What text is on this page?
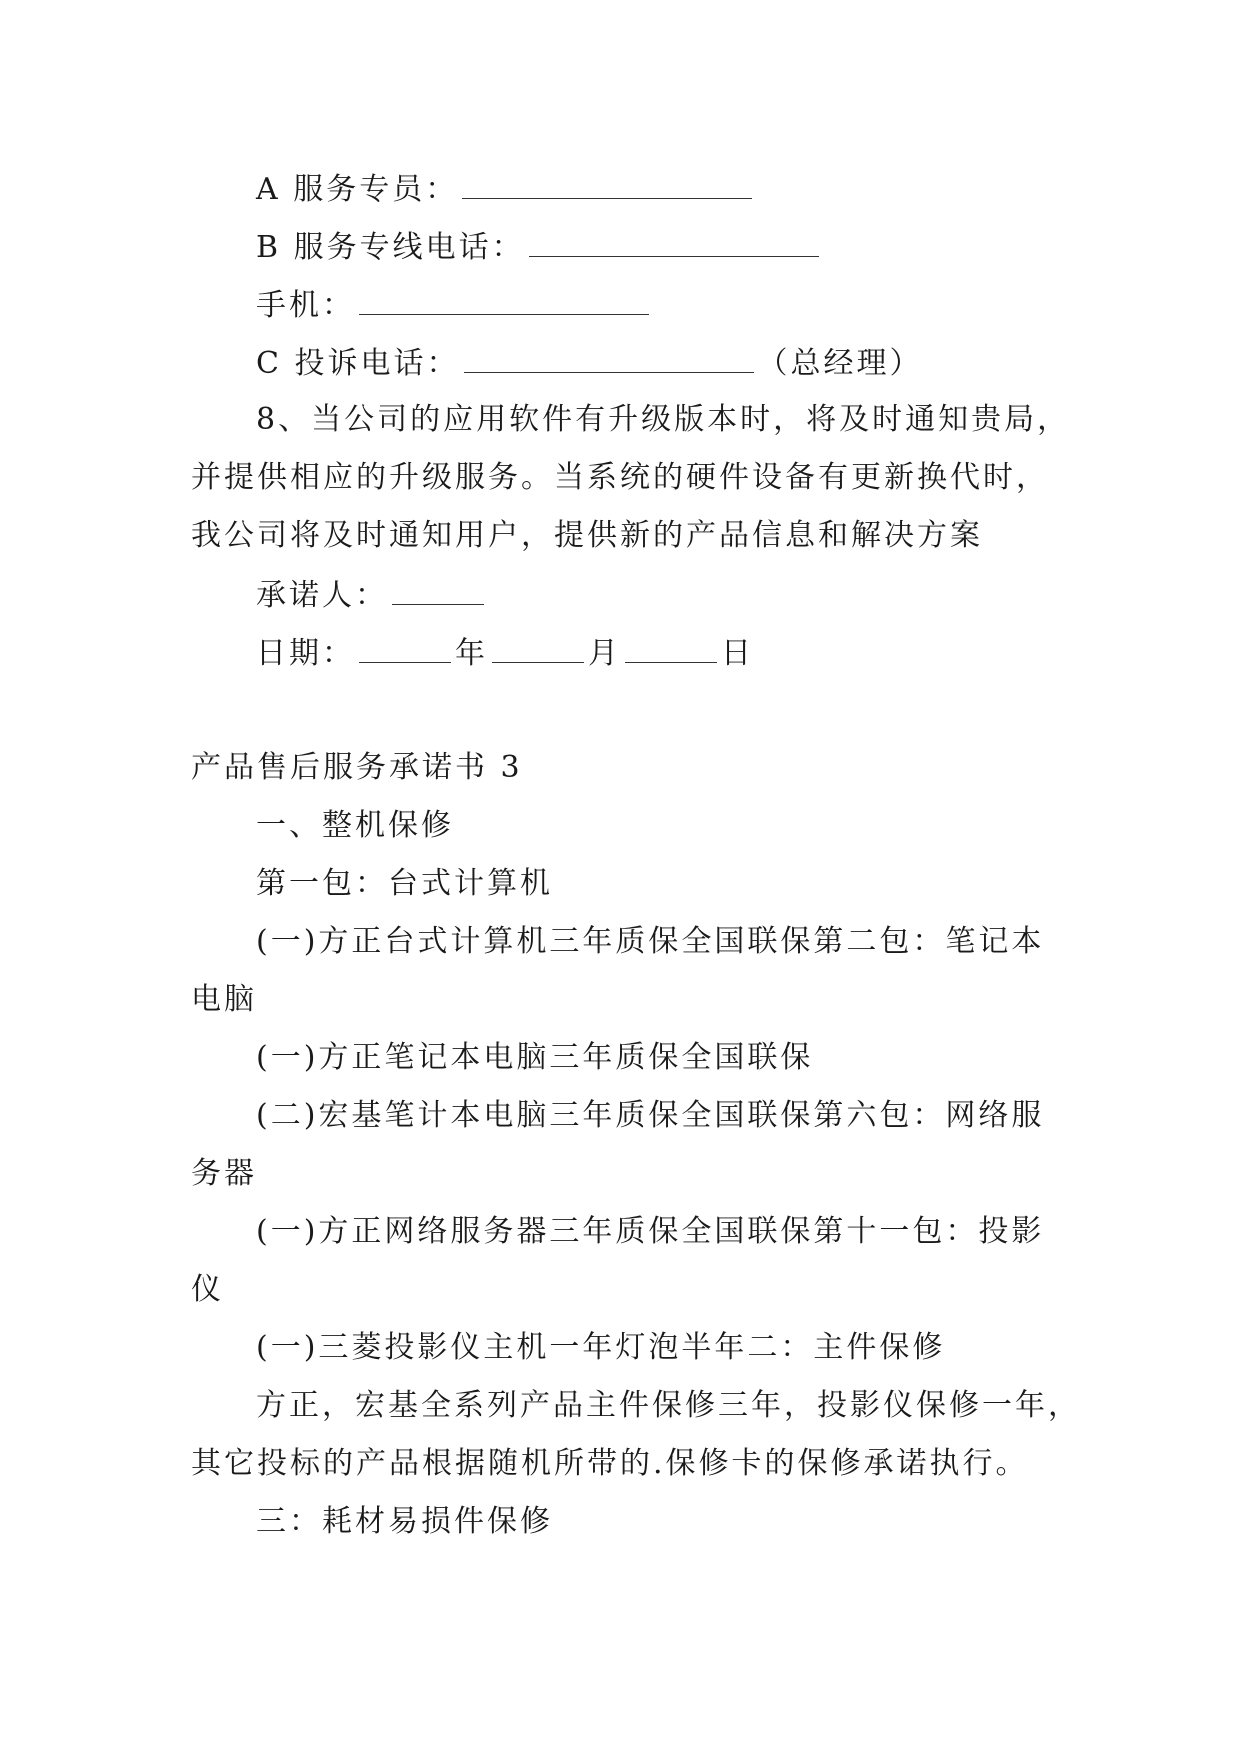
A 服务专员：
B 服务专线电话：
手机：
C 投诉电话：	（总经理）
8、当公司的应用软件有升级版本时，将及时通知贵局，
并提供相应的升级服务。当系统的硬件设备有更新换代时，
我公司将及时通知用户，提供新的产品信息和解决方案
承诺人：
日期：	年	月	日
产品售后服务承诺书 3
一、整机保修
第一包：台式计算机
(一)方正台式计算机三年质保全国联保第二包：笔记本
电脑
(一)方正笔记本电脑三年质保全国联保
(二)宏基笔计本电脑三年质保全国联保第六包：网络服
务器
(一)方正网络服务器三年质保全国联保第十一包：投影
仪
(一)三菱投影仪主机一年灯泡半年二：主件保修
方正，宏基全系列产品主件保修三年，投影仪保修一年，
其它投标的产品根据随机所带的.保修卡的保修承诺执行。
三：耗材易损件保修
